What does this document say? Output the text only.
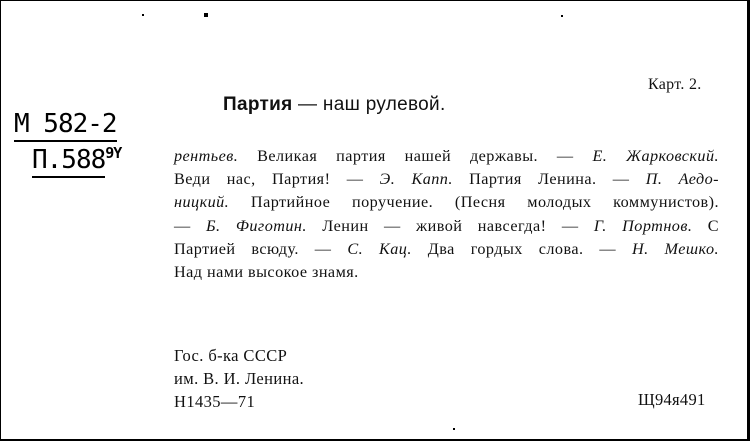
Карт. 2.
М 582-2
$П.588^{9Y}$
Партия — наш рулевой.
рентьев. Великая партия нашей державы. — Е. Жарковский.
Веди нас, Партия! — Э. Капп. Партия Ленина. — П. Аедо-
ницкий. Партийное поручение. (Песня молодых коммунистов).
— Б. Фиготин. Ленин — живой навсегда! — Г. Портнов. С
Партией всюду. — С. Кац. Два гордых слова. — Н. Мешко.
Над нами высокое знамя.
Гос. б-ка СССР
им. В. И. Ленина.
Н1435—71	Щ94я491
